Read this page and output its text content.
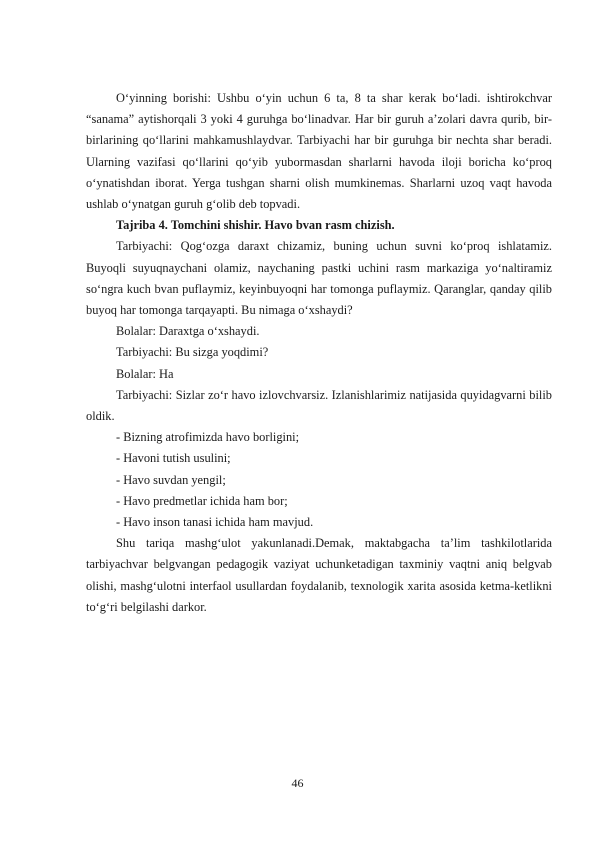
O‘yinning borishi: Ushbu o‘yin uchun 6 ta, 8 ta shar kerak bo‘ladi. ishtirokchvar “sanama” aytishorqali 3 yoki 4 guruhga bo‘linadvar. Har bir guruh a’zolari davra qurib, bir-birlarining qo‘llarini mahkamushlaydvar. Tarbiyachi har bir guruhga bir nechta shar beradi. Ularning vazifasi qo‘llarini qo‘yib yubormasdan sharlarni havoda iloji boricha ko‘proq o‘ynatishdan iborat. Yerga tushgan sharni olish mumkinemas. Sharlarni uzoq vaqt havoda ushlab o‘ynatgan guruh g‘olib deb topvadi.

Tajriba 4. Tomchini shishir. Havo bvan rasm chizish.

Tarbiyachi: Qog‘ozga daraxt chizamiz, buning uchun suvni ko‘proq ishlatamiz. Buyoqli suyuqnaychani olamiz, naychaning pastki uchini rasm markaziga yo‘naltiramiz so‘ngra kuch bvan puflaymiz, keyinbuyoqni har tomonga puflaymiz. Qaranglar, qanday qilib buyoq har tomonga tarqayapti. Bu nimaga o‘xshaydi?

Bolalar: Daraxtga o‘xshaydi.

Tarbiyachi: Bu sizga yoqdimi?

Bolalar: Ha

Tarbiyachi: Sizlar zo‘r havo izlovchvarsiz. Izlanishlarimiz natijasida quyidagvarni bilib oldik.

- Bizning atrofimizda havo borligini;

- Havoni tutish usulini;

- Havo suvdan yengil;

- Havo predmetlar ichida ham bor;

- Havo inson tanasi ichida ham mavjud.

Shu tariqa mashg‘ulot yakunlanadi.Demak, maktabgacha ta’lim tashkilotlarida tarbiyachvar belgvangan pedagogik vaziyat uchunketadigan taxminiy vaqtni aniq belgvab olishi, mashg‘ulotni interfaol usullardan foydalanib, texnologik xarita asosida ketma-ketlikni to‘g‘ri belgilashi darkor.

46
